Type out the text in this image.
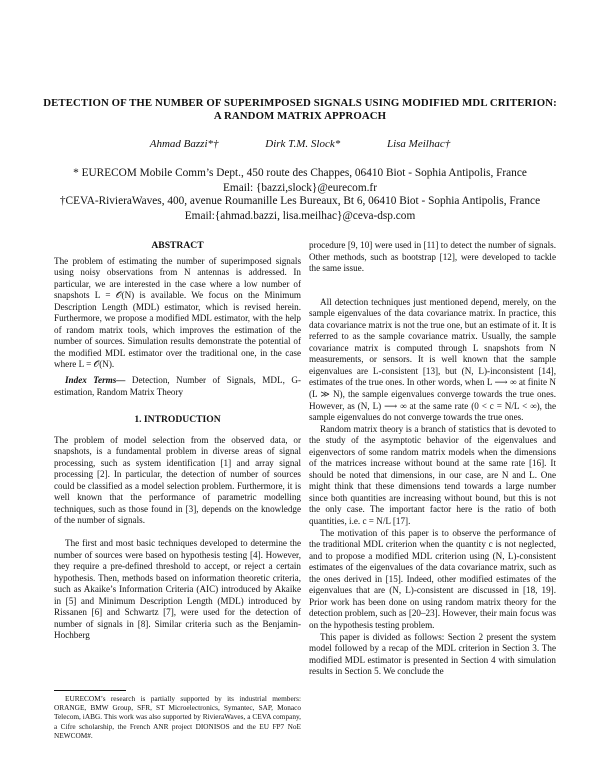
DETECTION OF THE NUMBER OF SUPERIMPOSED SIGNALS USING MODIFIED MDL CRITERION: A RANDOM MATRIX APPROACH
Ahmad Bazzi*†	Dirk T.M. Slock*	Lisa Meilhac†
* EURECOM Mobile Comm’s Dept., 450 route des Chappes, 06410 Biot - Sophia Antipolis, France
Email: {bazzi,slock}@eurecom.fr
†CEVA-RivieraWaves, 400, avenue Roumanille Les Bureaux, Bt 6, 06410 Biot - Sophia Antipolis, France
Email:{ahmad.bazzi, lisa.meilhac}@ceva-dsp.com

ABSTRACT

The problem of estimating the number of superimposed signals using noisy observations from N antennas is addressed. In particular, we are interested in the case where a low number of snapshots L = 𝒪(N) is available. We focus on the Minimum Description Length (MDL) estimator, which is revised herein. Furthermore, we propose a modified MDL estimator, with the help of random matrix tools, which improves the estimation of the number of sources. Simulation results demonstrate the potential of the modified MDL estimator over the traditional one, in the case where L = 𝒪(N).

Index Terms— Detection, Number of Signals, MDL, G-estimation, Random Matrix Theory

1. INTRODUCTION

The problem of model selection from the observed data, or snapshots, is a fundamental problem in diverse areas of signal processing, such as system identification [1] and array signal processing [2]. In particular, the detection of number of sources could be classified as a model selection problem. Furthermore, it is well known that the performance of parametric modelling techniques, such as those found in [3], depends on the knowledge of the number of signals.

The first and most basic techniques developed to determine the number of sources were based on hypothesis testing [4]. However, they require a pre-defined threshold to accept, or reject a certain hypothesis. Then, methods based on information theoretic criteria, such as Akaike’s Information Criteria (AIC) introduced by Akaike in [5] and Minimum Description Length (MDL) introduced by Rissanen [6] and Schwartz [7], were used for the detection of number of signals in [8]. Similar criteria such as the Benjamin-Hochberg

procedure [9, 10] were used in [11] to detect the number of signals. Other methods, such as bootstrap [12], were developed to tackle the same issue.

All detection techniques just mentioned depend, merely, on the sample eigenvalues of the data covariance matrix. In practice, this data covariance matrix is not the true one, but an estimate of it. It is referred to as the sample covariance matrix. Usually, the sample covariance matrix is computed through L snapshots from N measurements, or sensors. It is well known that the sample eigenvalues are L-consistent [13], but (N, L)-inconsistent [14], estimates of the true ones. In other words, when L ⟶ ∞ at finite N (L ≫ N), the sample eigenvalues converge towards the true ones. However, as (N, L) ⟶ ∞ at the same rate (0 < c = N/L < ∞), the sample eigenvalues do not converge towards the true ones.

Random matrix theory is a branch of statistics that is devoted to the study of the asymptotic behavior of the eigenvalues and eigenvectors of some random matrix models when the dimensions of the matrices increase without bound at the same rate [16]. It should be noted that dimensions, in our case, are N and L. One might think that these dimensions tend towards a large number since both quantities are increasing without bound, but this is not the only case. The important factor here is the ratio of both quantities, i.e. c = N/L [17].

The motivation of this paper is to observe the performance of the traditional MDL criterion when the quantity c is not neglected, and to propose a modified MDL criterion using (N, L)-consistent estimates of the eigenvalues of the data covariance matrix, such as the ones derived in [15]. Indeed, other modified estimates of the eigenvalues that are (N, L)-consistent are discussed in [18, 19]. Prior work has been done on using random matrix theory for the detection problem, such as [20–23]. However, their main focus was on the hypothesis testing problem.

This paper is divided as follows: Section 2 present the system model followed by a recap of the MDL criterion in Section 3. The modified MDL estimator is presented in Section 4 with simulation results in Section 5. We conclude the

EURECOM’s research is partially supported by its industrial members: ORANGE, BMW Group, SFR, ST Microelectronics, Symantec, SAP, Monaco Telecom, iABG. This work was also supported by RivieraWaves, a CEVA company, a Cifre scholarship, the French ANR project DIONISOS and the EU FP7 NoE NEWCOM#.
